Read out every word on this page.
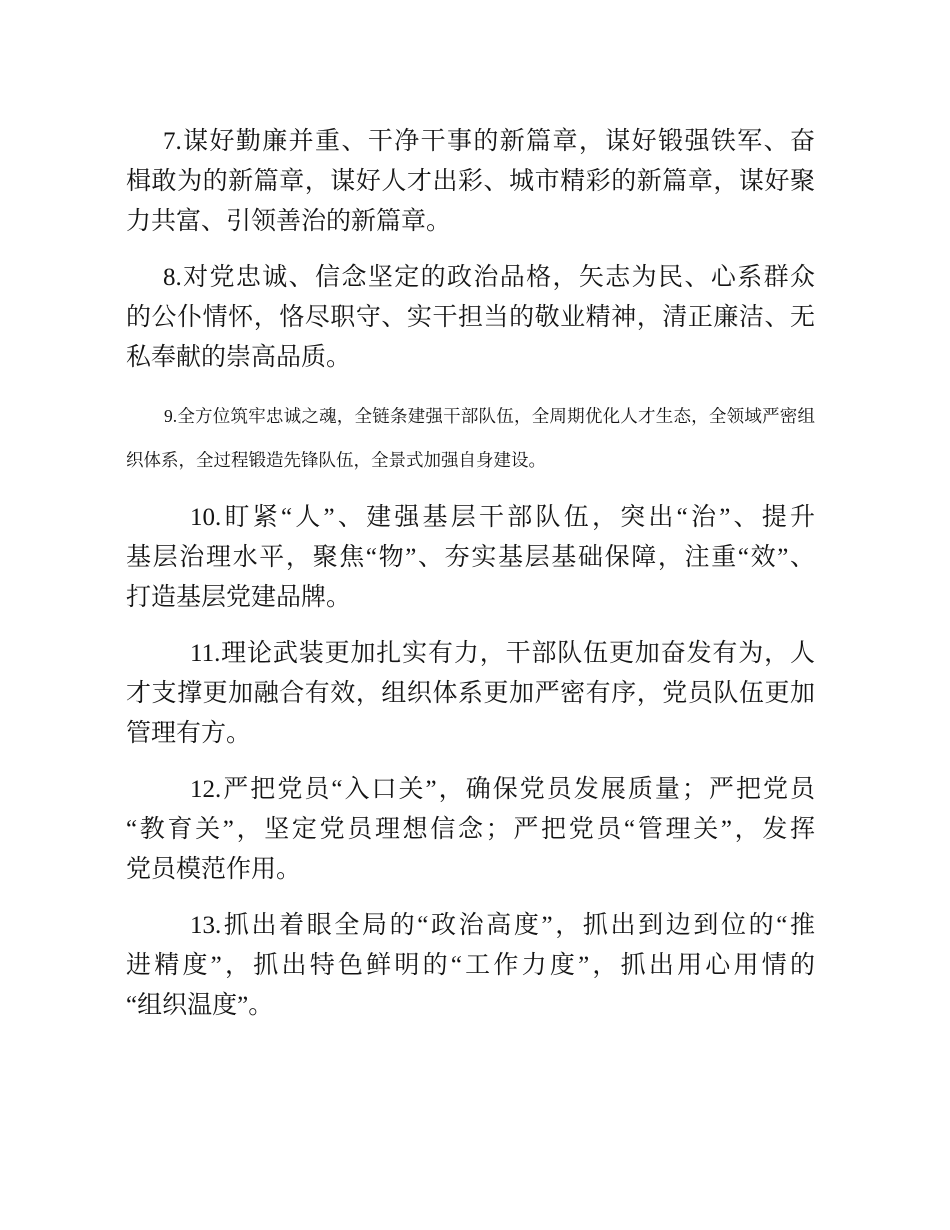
7.谋好勤廉并重、干净干事的新篇章，谋好锻强铁军、奋
楫敢为的新篇章，谋好人才出彩、城市精彩的新篇章，谋好聚
力共富、引领善治的新篇章。
8.对党忠诚、信念坚定的政治品格，矢志为民、心系群众
的公仆情怀，恪尽职守、实干担当的敬业精神，清正廉洁、无
私奉献的崇高品质。
9.全方位筑牢忠诚之魂，全链条建强干部队伍，全周期优化人才生态，全领域严密组
织体系，全过程锻造先锋队伍，全景式加强自身建设。
10.盯紧“人”、建强基层干部队伍，突出“治”、提升
基层治理水平，聚焦“物”、夯实基层基础保障，注重“效”、
打造基层党建品牌。
11.理论武装更加扎实有力，干部队伍更加奋发有为，人
才支撑更加融合有效，组织体系更加严密有序，党员队伍更加
管理有方。
12.严把党员“入口关”，确保党员发展质量；严把党员
“教育关”，坚定党员理想信念；严把党员“管理关”，发挥
党员模范作用。
13.抓出着眼全局的“政治高度”，抓出到边到位的“推
进精度”，抓出特色鲜明的“工作力度”，抓出用心用情的
“组织温度”。
